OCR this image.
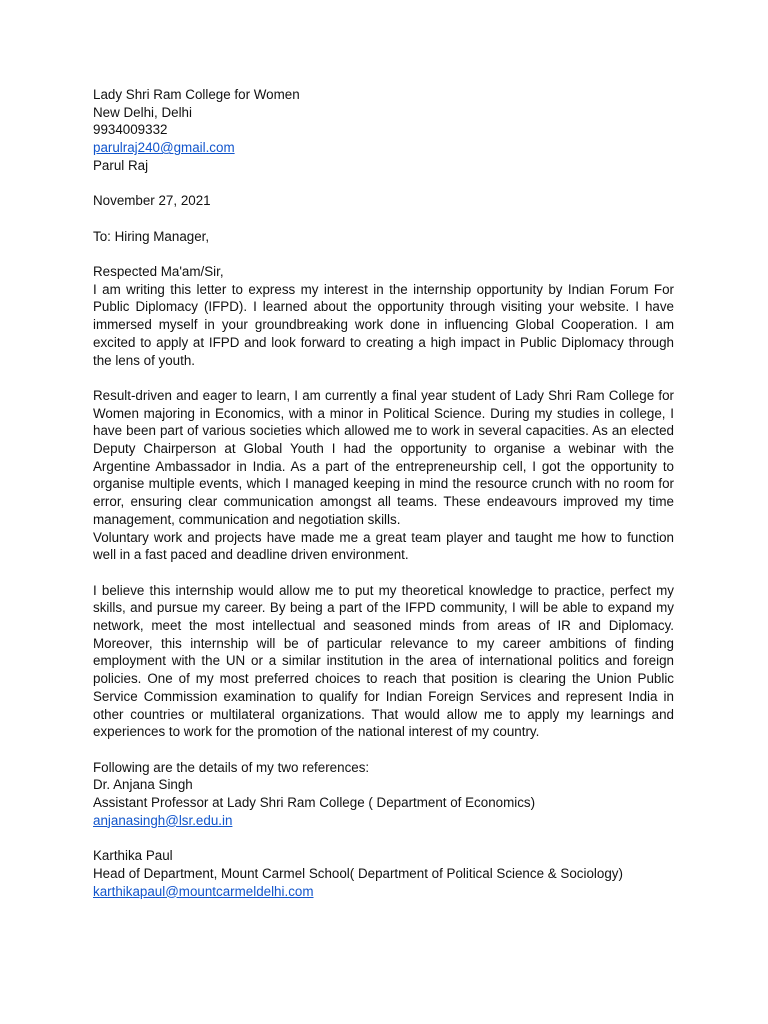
Lady Shri Ram College for Women
New Delhi, Delhi
9934009332
parulraj240@gmail.com
Parul Raj
November 27, 2021
To: Hiring Manager,
Respected Ma'am/Sir,

I am writing this letter to express my interest in the internship opportunity by Indian Forum For Public Diplomacy (IFPD). I learned about the opportunity through visiting your website. I have immersed myself in your groundbreaking work done in influencing Global Cooperation. I am excited to apply at IFPD and look forward to creating a high impact in Public Diplomacy through the lens of youth.

Result-driven and eager to learn, I am currently a final year student of Lady Shri Ram College for Women majoring in Economics, with a minor in Political Science. During my studies in college, I have been part of various societies which allowed me to work in several capacities. As an elected Deputy Chairperson at Global Youth I had the opportunity to organise a webinar with the Argentine Ambassador in India. As a part of the entrepreneurship cell, I got the opportunity to organise multiple events, which I managed keeping in mind the resource crunch with no room for error, ensuring clear communication amongst all teams. These endeavours improved my time management, communication and negotiation skills.

Voluntary work and projects have made me a great team player and taught me how to function well in a fast paced and deadline driven environment.

I believe this internship would allow me to put my theoretical knowledge to practice, perfect my skills, and pursue my career. By being a part of the IFPD community, I will be able to expand my network, meet the most intellectual and seasoned minds from areas of IR and Diplomacy. Moreover, this internship will be of particular relevance to my career ambitions of finding employment with the UN or a similar institution in the area of international politics and foreign policies. One of my most preferred choices to reach that position is clearing the Union Public Service Commission examination to qualify for Indian Foreign Services and represent India in other countries or multilateral organizations. That would allow me to apply my learnings and experiences to work for the promotion of the national interest of my country.

Following are the details of my two references:
Dr. Anjana Singh
Assistant Professor at Lady Shri Ram College ( Department of Economics)
anjanasingh@lsr.edu.in
Karthika Paul
Head of Department, Mount Carmel School( Department of Political Science & Sociology)
karthikapaul@mountcarmeldelhi.com
